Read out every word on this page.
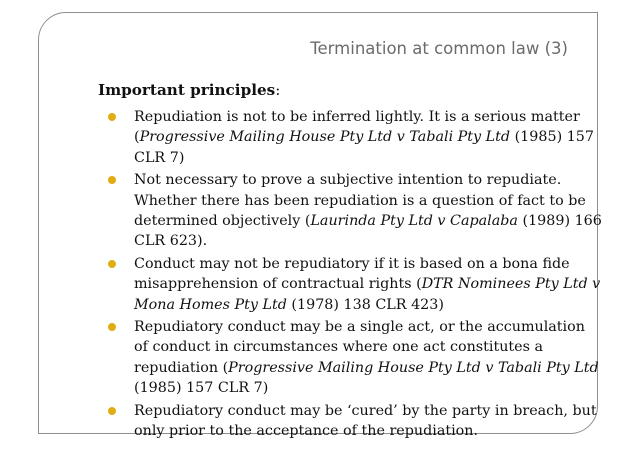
Termination at common law (3)
Important principles:
Repudiation is not to be inferred lightly. It is a serious matter
(Progressive Mailing House Pty Ltd v Tabali Pty Ltd (1985) 157
CLR 7)
Not necessary to prove a subjective intention to repudiate.
Whether there has been repudiation is a question of fact to be
determined objectively (Laurinda Pty Ltd v Capalaba (1989) 166
CLR 623).
Conduct may not be repudiatory if it is based on a bona fide
misapprehension of contractual rights (DTR Nominees Pty Ltd v
Mona Homes Pty Ltd (1978) 138 CLR 423)
Repudiatory conduct may be a single act, or the accumulation
of conduct in circumstances where one act constitutes a
repudiation (Progressive Mailing House Pty Ltd v Tabali Pty Ltd
(1985) 157 CLR 7)
Repudiatory conduct may be ‘cured’ by the party in breach, but
only prior to the acceptance of the repudiation.
